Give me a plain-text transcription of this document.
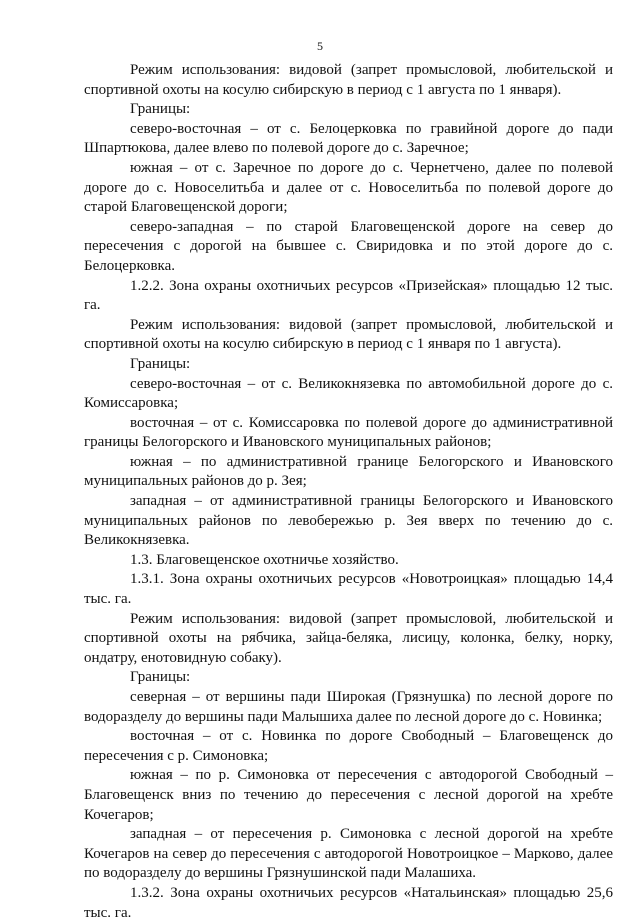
5

Режим использования: видовой (запрет промысловой, любительской и спортивной охоты на косулю сибирскую в период с 1 августа по 1 января).

Границы:

северо-восточная – от с. Белоцерковка по гравийной дороге до пади Шпартюкова, далее влево по полевой дороге до с. Заречное;

южная – от с. Заречное по дороге до с. Чернетчено, далее по полевой дороге до с. Новоселитьба и далее от с. Новоселитьба по полевой дороге до старой Благовещенской дороги;

северо-западная – по старой Благовещенской дороге на север до пересечения с дорогой на бывшее с. Свиридовка и по этой дороге до с. Белоцерковка.

1.2.2. Зона охраны охотничьих ресурсов «Призейская» площадью 12 тыс. га.

Режим использования: видовой (запрет промысловой, любительской и спортивной охоты на косулю сибирскую в период с 1 января по 1 августа).

Границы:

северо-восточная – от с. Великокнязевка по автомобильной дороге до с. Комиссаровка;

восточная – от с. Комиссаровка по полевой дороге до административной границы Белогорского и Ивановского муниципальных районов;

южная – по административной границе Белогорского и Ивановского муниципальных районов до р. Зея;

западная – от административной границы Белогорского и Ивановского муниципальных районов по левобережью р. Зея вверх по течению до с. Великокнязевка.

1.3. Благовещенское охотничье хозяйство.

1.3.1. Зона охраны охотничьих ресурсов «Новотроицкая» площадью 14,4 тыс. га.

Режим использования: видовой (запрет промысловой, любительской и спортивной охоты на рябчика, зайца-беляка, лисицу, колонка, белку, норку, ондатру, енотовидную собаку).

Границы:

северная – от вершины пади Широкая (Грязнушка) по лесной дороге по водоразделу до вершины пади Малышиха далее по лесной дороге до с. Новинка;

восточная – от с. Новинка по дороге Свободный – Благовещенск до пересечения с р. Симоновка;

южная – по р. Симоновка от пересечения с автодорогой Свободный – Благовещенск вниз по течению до пересечения с лесной дорогой на хребте Кочегаров;

западная – от пересечения р. Симоновка с лесной дорогой на хребте Кочегаров на север до пересечения с автодорогой Новотроицкое – Марково, далее по водоразделу до вершины Грязнушинской пади Малашиха.

1.3.2. Зона охраны охотничьих ресурсов «Натальинская» площадью 25,6 тыс. га.
